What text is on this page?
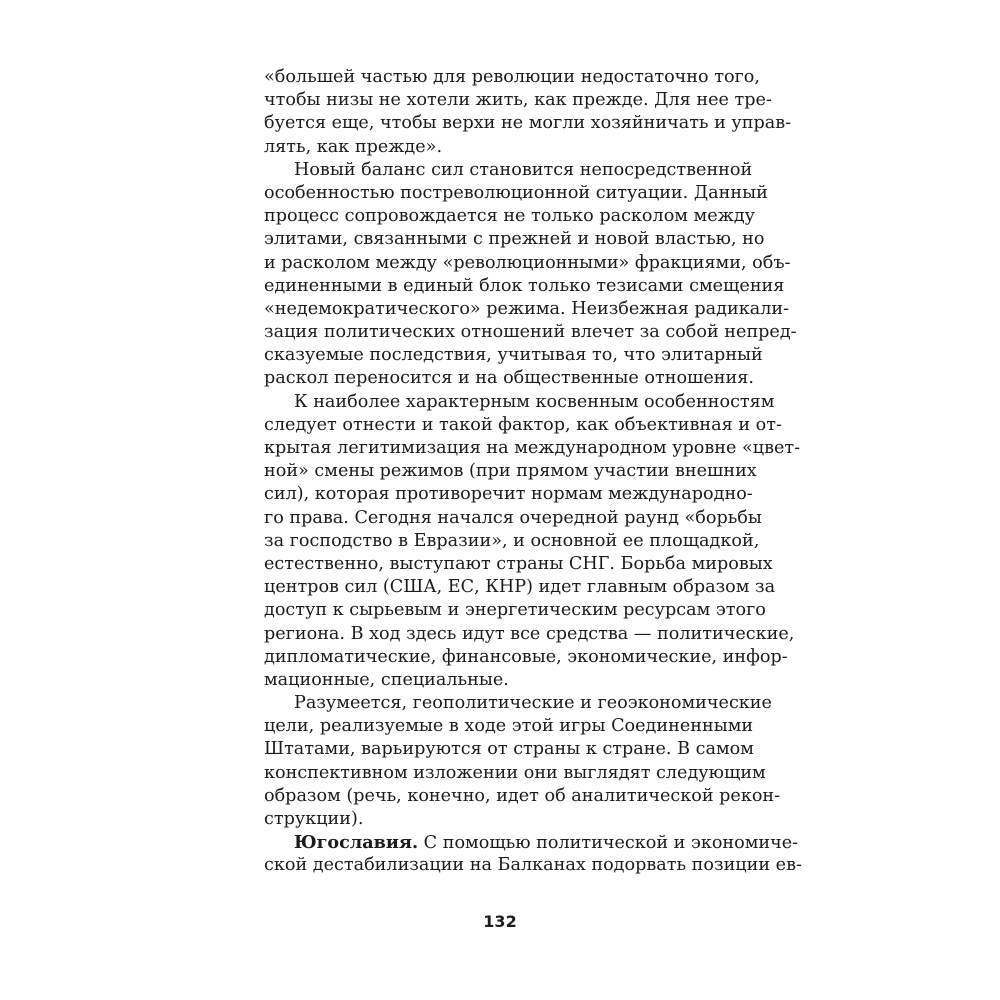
«большей частью для революции недостаточно того,
чтобы низы не хотели жить, как прежде. Для нее тре-
буется еще, чтобы верхи не могли хозяйничать и управ-
лять, как прежде».
Новый баланс сил становится непосредственной
особенностью постреволюционной ситуации. Данный
процесс сопровождается не только расколом между
элитами, связанными с прежней и новой властью, но
и расколом между «революционными» фракциями, объ-
единенными в единый блок только тезисами смещения
«недемократического» режима. Неизбежная радикали-
зация политических отношений влечет за собой непред-
сказуемые последствия, учитывая то, что элитарный
раскол переносится и на общественные отношения.
К наиболее характерным косвенным особенностям
следует отнести и такой фактор, как объективная и от-
крытая легитимизация на международном уровне «цвет-
ной» смены режимов (при прямом участии внешних
сил), которая противоречит нормам международно-
го права. Сегодня начался очередной раунд «борьбы
за господство в Евразии», и основной ее площадкой,
естественно, выступают страны СНГ. Борьба мировых
центров сил (США, ЕС, КНР) идет главным образом за
доступ к сырьевым и энергетическим ресурсам этого
региона. В ход здесь идут все средства — политические,
дипломатические, финансовые, экономические, инфор-
мационные, специальные.
Разумеется, геополитические и геоэкономические
цели, реализуемые в ходе этой игры Соединенными
Штатами, варьируются от страны к стране. В самом
конспективном изложении они выглядят следующим
образом (речь, конечно, идет об аналитической рекон-
струкции).
Югославия. С помощью политической и экономиче-
ской дестабилизации на Балканах подорвать позиции ев-
132
